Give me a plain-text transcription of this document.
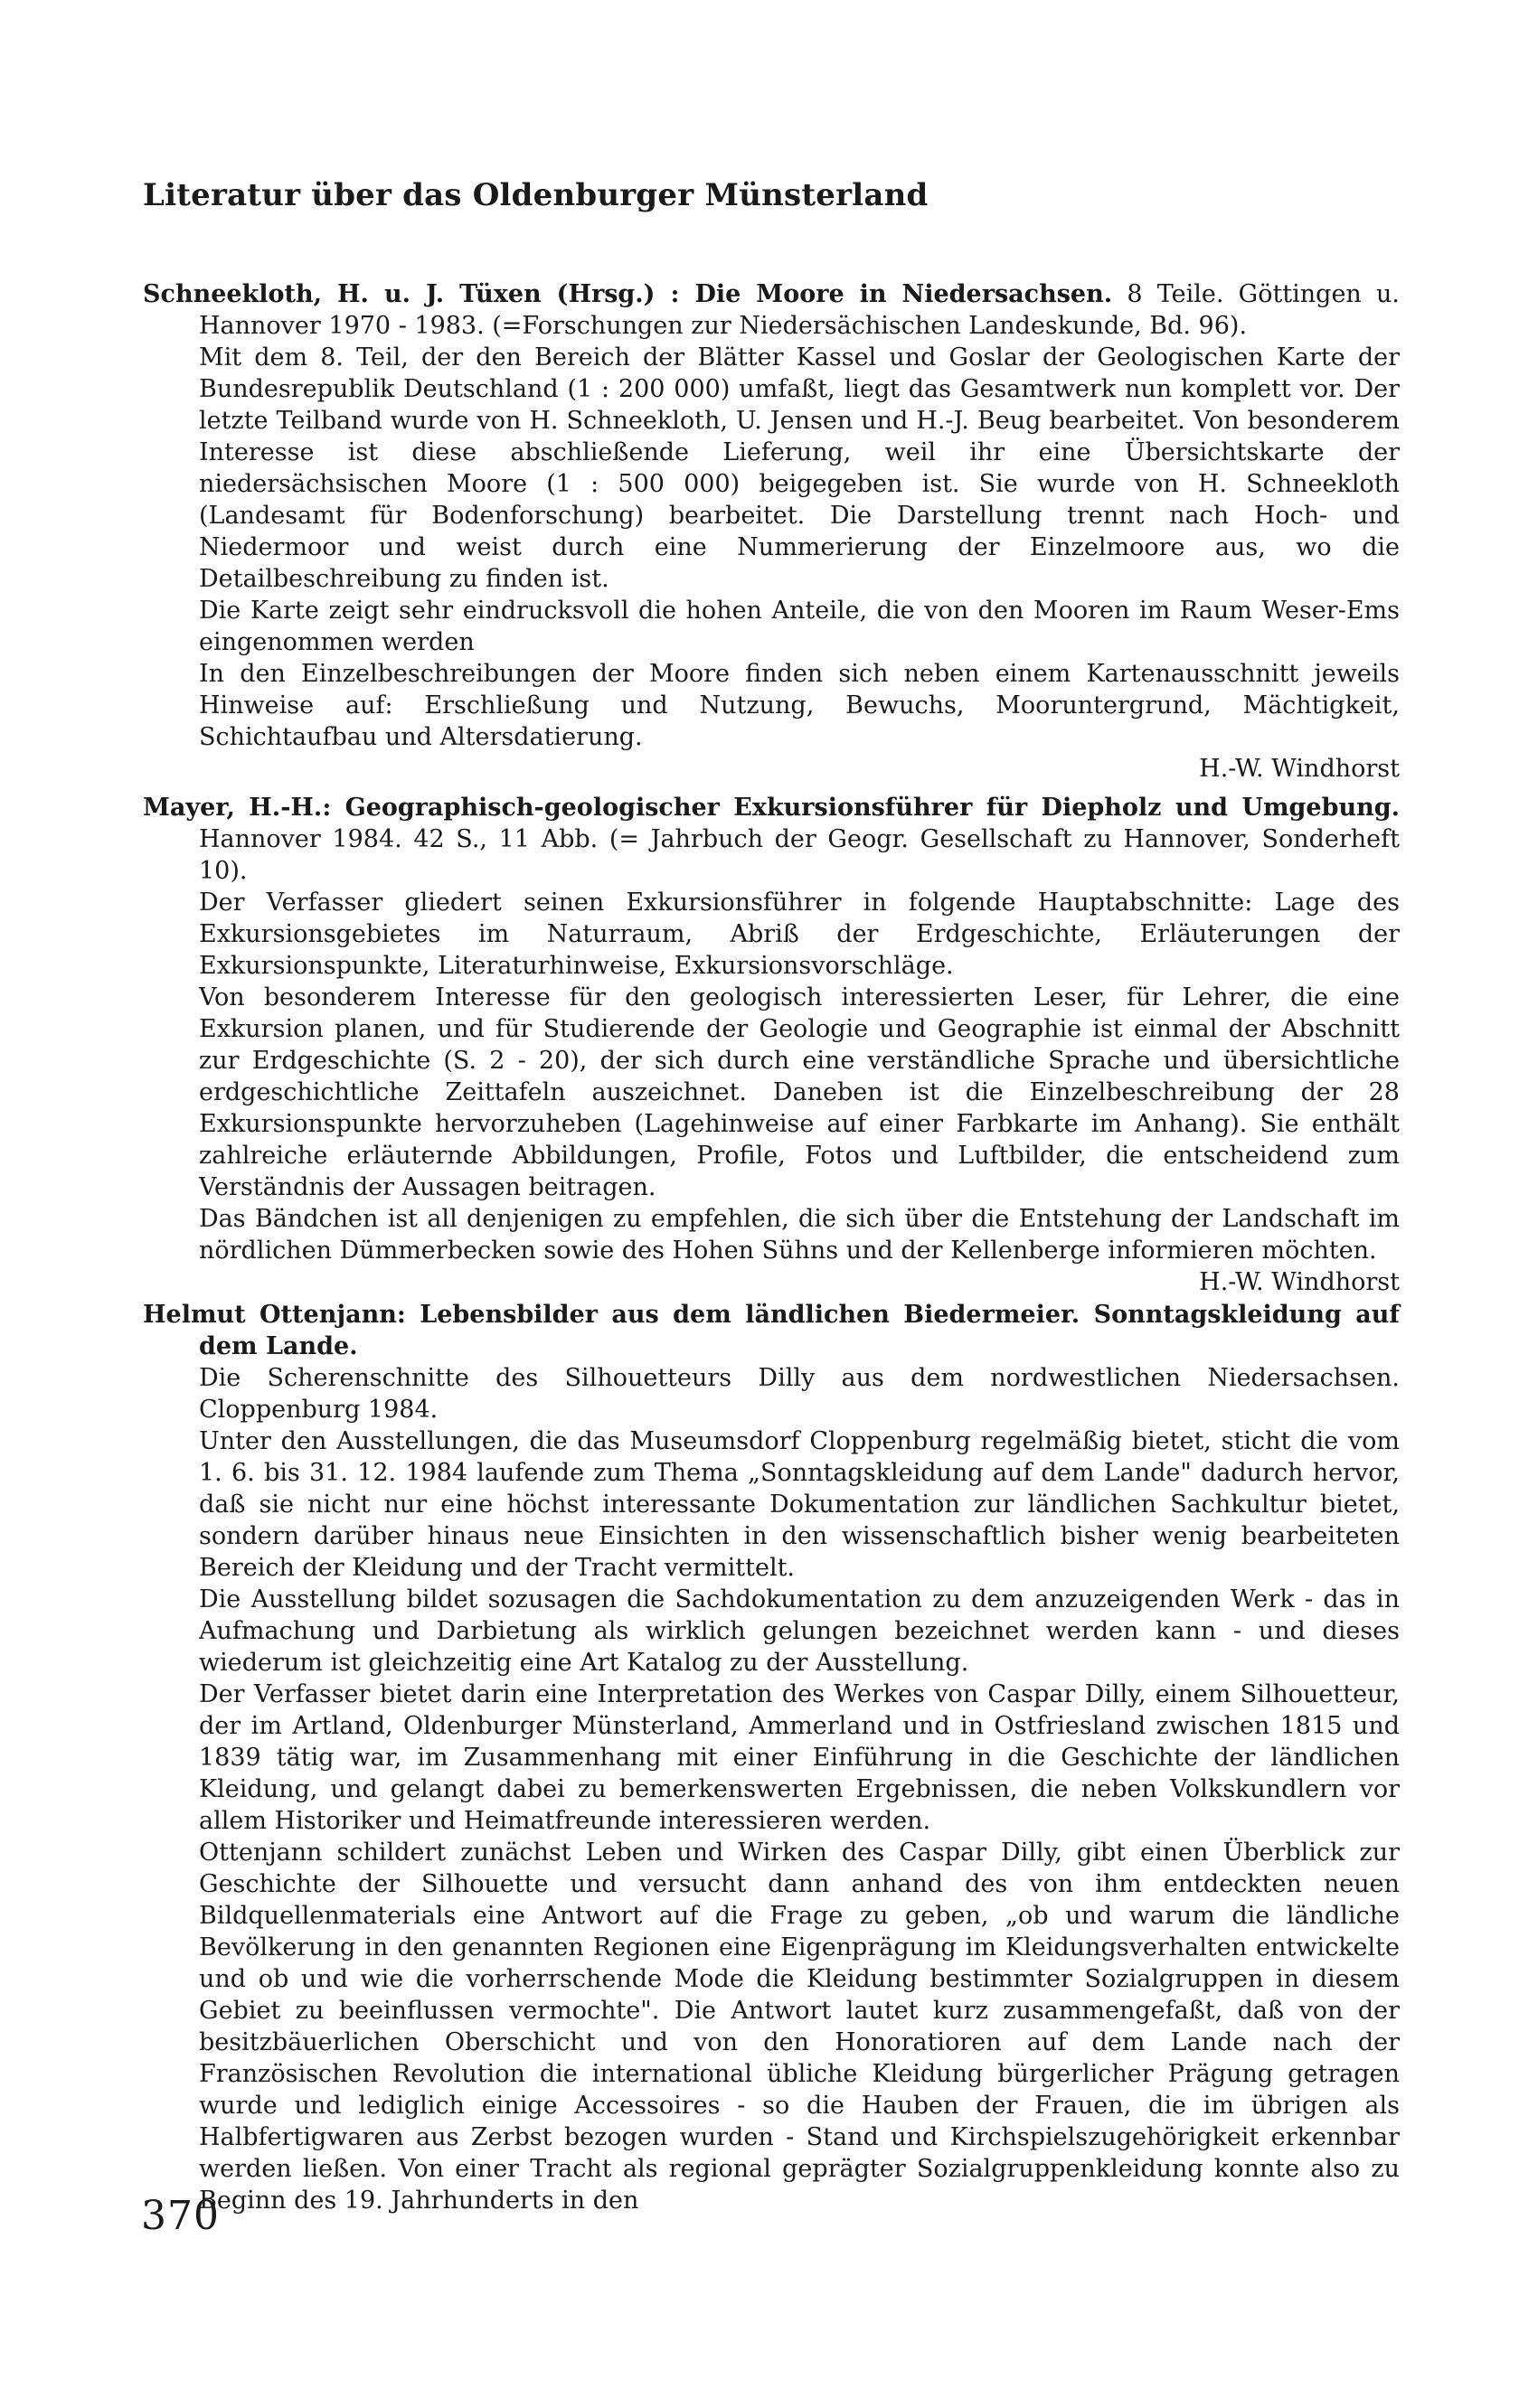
Literatur über das Oldenburger Münsterland

Schneekloth, H. u. J. Tüxen (Hrsg.) : Die Moore in Niedersachsen. 8 Teile. Göttingen u. Hannover 1970 - 1983. (=Forschungen zur Niedersächischen Landeskunde, Bd. 96).

Mit dem 8. Teil, der den Bereich der Blätter Kassel und Goslar der Geologischen Karte der Bundesrepublik Deutschland (1 : 200 000) umfaßt, liegt das Gesamtwerk nun komplett vor. Der letzte Teilband wurde von H. Schneekloth, U. Jensen und H.-J. Beug bearbeitet. Von besonderem Interesse ist diese abschließende Lieferung, weil ihr eine Übersichtskarte der niedersächsischen Moore (1 : 500 000) beigegeben ist. Sie wurde von H. Schneekloth (Landesamt für Bodenforschung) bearbeitet. Die Darstellung trennt nach Hoch- und Niedermoor und weist durch eine Nummerierung der Einzelmoore aus, wo die Detailbeschreibung zu finden ist.

Die Karte zeigt sehr eindrucksvoll die hohen Anteile, die von den Mooren im Raum Weser-Ems eingenommen werden

In den Einzelbeschreibungen der Moore finden sich neben einem Kartenausschnitt jeweils Hinweise auf: Erschließung und Nutzung, Bewuchs, Mooruntergrund, Mächtigkeit, Schichtaufbau und Altersdatierung.

H.-W. Windhorst

Mayer, H.-H.: Geographisch-geologischer Exkursionsführer für Diepholz und Umgebung. Hannover 1984. 42 S., 11 Abb. (= Jahrbuch der Geogr. Gesellschaft zu Hannover, Sonderheft 10).

Der Verfasser gliedert seinen Exkursionsführer in folgende Hauptabschnitte: Lage des Exkursionsgebietes im Naturraum, Abriß der Erdgeschichte, Erläuterungen der Exkursionspunkte, Literaturhinweise, Exkursionsvorschläge.

Von besonderem Interesse für den geologisch interessierten Leser, für Lehrer, die eine Exkursion planen, und für Studierende der Geologie und Geographie ist einmal der Abschnitt zur Erdgeschichte (S. 2 - 20), der sich durch eine verständliche Sprache und übersichtliche erdgeschichtliche Zeittafeln auszeichnet. Daneben ist die Einzelbeschreibung der 28 Exkursionspunkte hervorzuheben (Lagehinweise auf einer Farbkarte im Anhang). Sie enthält zahlreiche erläuternde Abbildungen, Profile, Fotos und Luftbilder, die entscheidend zum Verständnis der Aussagen beitragen.

Das Bändchen ist all denjenigen zu empfehlen, die sich über die Entstehung der Landschaft im nördlichen Dümmerbecken sowie des Hohen Sühns und der Kellenberge informieren möchten.

H.-W. Windhorst

Helmut Ottenjann: Lebensbilder aus dem ländlichen Biedermeier. Sonntagskleidung auf dem Lande.

Die Scherenschnitte des Silhouetteurs Dilly aus dem nordwestlichen Niedersachsen. Cloppenburg 1984.

Unter den Ausstellungen, die das Museumsdorf Cloppenburg regelmäßig bietet, sticht die vom 1. 6. bis 31. 12. 1984 laufende zum Thema „Sonntagskleidung auf dem Lande" dadurch hervor, daß sie nicht nur eine höchst interessante Dokumentation zur ländlichen Sachkultur bietet, sondern darüber hinaus neue Einsichten in den wissenschaftlich bisher wenig bearbeiteten Bereich der Kleidung und der Tracht vermittelt.

Die Ausstellung bildet sozusagen die Sachdokumentation zu dem anzuzeigenden Werk - das in Aufmachung und Darbietung als wirklich gelungen bezeichnet werden kann - und dieses wiederum ist gleichzeitig eine Art Katalog zu der Ausstellung.

Der Verfasser bietet darin eine Interpretation des Werkes von Caspar Dilly, einem Silhouetteur, der im Artland, Oldenburger Münsterland, Ammerland und in Ostfriesland zwischen 1815 und 1839 tätig war, im Zusammenhang mit einer Einführung in die Geschichte der ländlichen Kleidung, und gelangt dabei zu bemerkenswerten Ergebnissen, die neben Volkskundlern vor allem Historiker und Heimatfreunde interessieren werden.

Ottenjann schildert zunächst Leben und Wirken des Caspar Dilly, gibt einen Überblick zur Geschichte der Silhouette und versucht dann anhand des von ihm entdeckten neuen Bildquellenmaterials eine Antwort auf die Frage zu geben, „ob und warum die ländliche Bevölkerung in den genannten Regionen eine Eigenprägung im Kleidungsverhalten entwickelte und ob und wie die vorherrschende Mode die Kleidung bestimmter Sozialgruppen in diesem Gebiet zu beeinflussen vermochte". Die Antwort lautet kurz zusammengefaßt, daß von der besitzbäuerlichen Oberschicht und von den Honoratioren auf dem Lande nach der Französischen Revolution die international übliche Kleidung bürgerlicher Prägung getragen wurde und lediglich einige Accessoires - so die Hauben der Frauen, die im übrigen als Halbfertigwaren aus Zerbst bezogen wurden - Stand und Kirchspielszugehörigkeit erkennbar werden ließen. Von einer Tracht als regional geprägter Sozialgruppenkleidung konnte also zu Beginn des 19. Jahrhunderts in den

370
